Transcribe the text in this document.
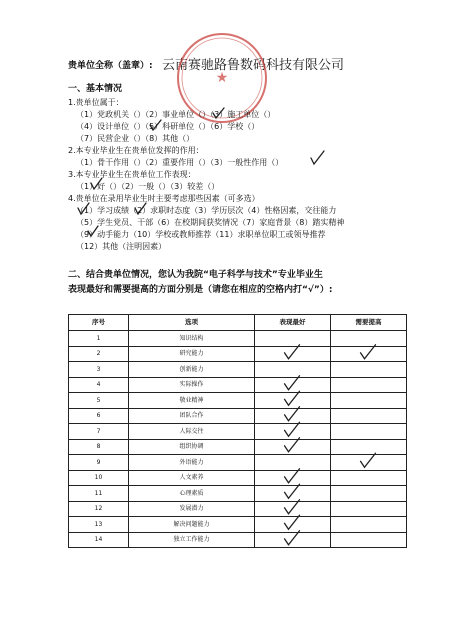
贵单位全称（盖章）: 云南赛驰路鲁数码科技有限公司
★
一、基本情况
1.贵单位属于：
（1）党政机关（）（2）事业单位（）（3）施工单位（）
（4）设计单位（）（5）科研单位（）（6）学校（）
（7）民营企业（）（8）其他（）
2.本专业毕业生在贵单位发挥的作用：
（1）骨干作用（）（2）重要作用（）（3）一般性作用（）
3.本专业毕业生在贵单位工作表现：
（1）好（）（2）一般（）（3）较差（）
4.贵单位在录用毕业生时主要考虑那些因素（可多选）
（1）学习成绩（2）求职时态度（3）学历层次（4）性格因素，交往能力
（5）学生党员、干部（6）在校期间获奖情况（7）家庭背景（8）踏实精神
（9）动手能力（10）学校或教师推荐（11）求职单位职工或领导推荐
（12）其他（注明因素）
二、结合贵单位情况，您认为我院“电子科学与技术”专业毕业生
表现最好和需要提高的方面分别是（请您在相应的空格内打“√”）:
序号	选项	表现最好	需要提高
1	知识结构		
2	研究能力		
3	创新能力		
4	实际操作		
5	敬业精神		
6	团队合作		
7	人际交往		
8	组织协调		
9	外语能力		
10	人文素养		
11	心理素质		
12	发展潜力		
13	解决问题能力		
14	独立工作能力		
